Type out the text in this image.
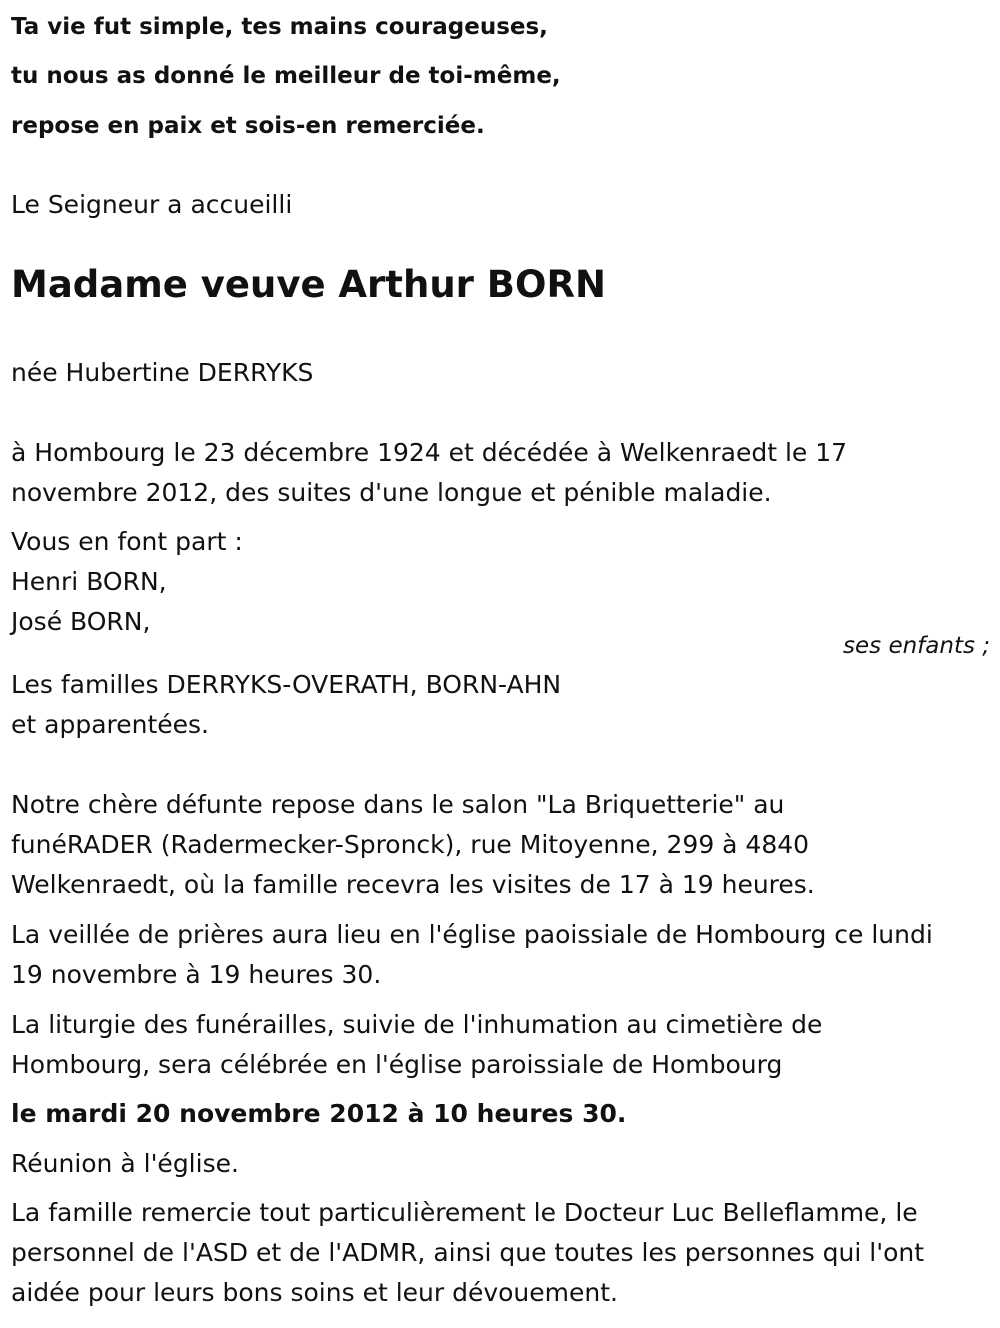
Ta vie fut simple, tes mains courageuses,
tu nous as donné le meilleur de toi-même,
repose en paix et sois-en remerciée.
Le Seigneur a accueilli
Madame veuve Arthur BORN
née Hubertine DERRYKS
à Hombourg le 23 décembre 1924 et décédée à Welkenraedt le 17
novembre 2012, des suites d'une longue et pénible maladie.
Vous en font part :
Henri BORN,
José BORN,
ses enfants ;
Les familles DERRYKS-OVERATH, BORN-AHN
et apparentées.
Notre chère défunte repose dans le salon "La Briquetterie" au
funéRADER (Radermecker-Spronck), rue Mitoyenne, 299 à 4840
Welkenraedt, où la famille recevra les visites de 17 à 19 heures.
La veillée de prières aura lieu en l'église paoissiale de Hombourg ce lundi
19 novembre à 19 heures 30.
La liturgie des funérailles, suivie de l'inhumation au cimetière de
Hombourg, sera célébrée en l'église paroissiale de Hombourg
le mardi 20 novembre 2012 à 10 heures 30.
Réunion à l'église.
La famille remercie tout particulièrement le Docteur Luc Belleflamme, le
personnel de l'ASD et de l'ADMR, ainsi que toutes les personnes qui l'ont
aidée pour leurs bons soins et leur dévouement.
